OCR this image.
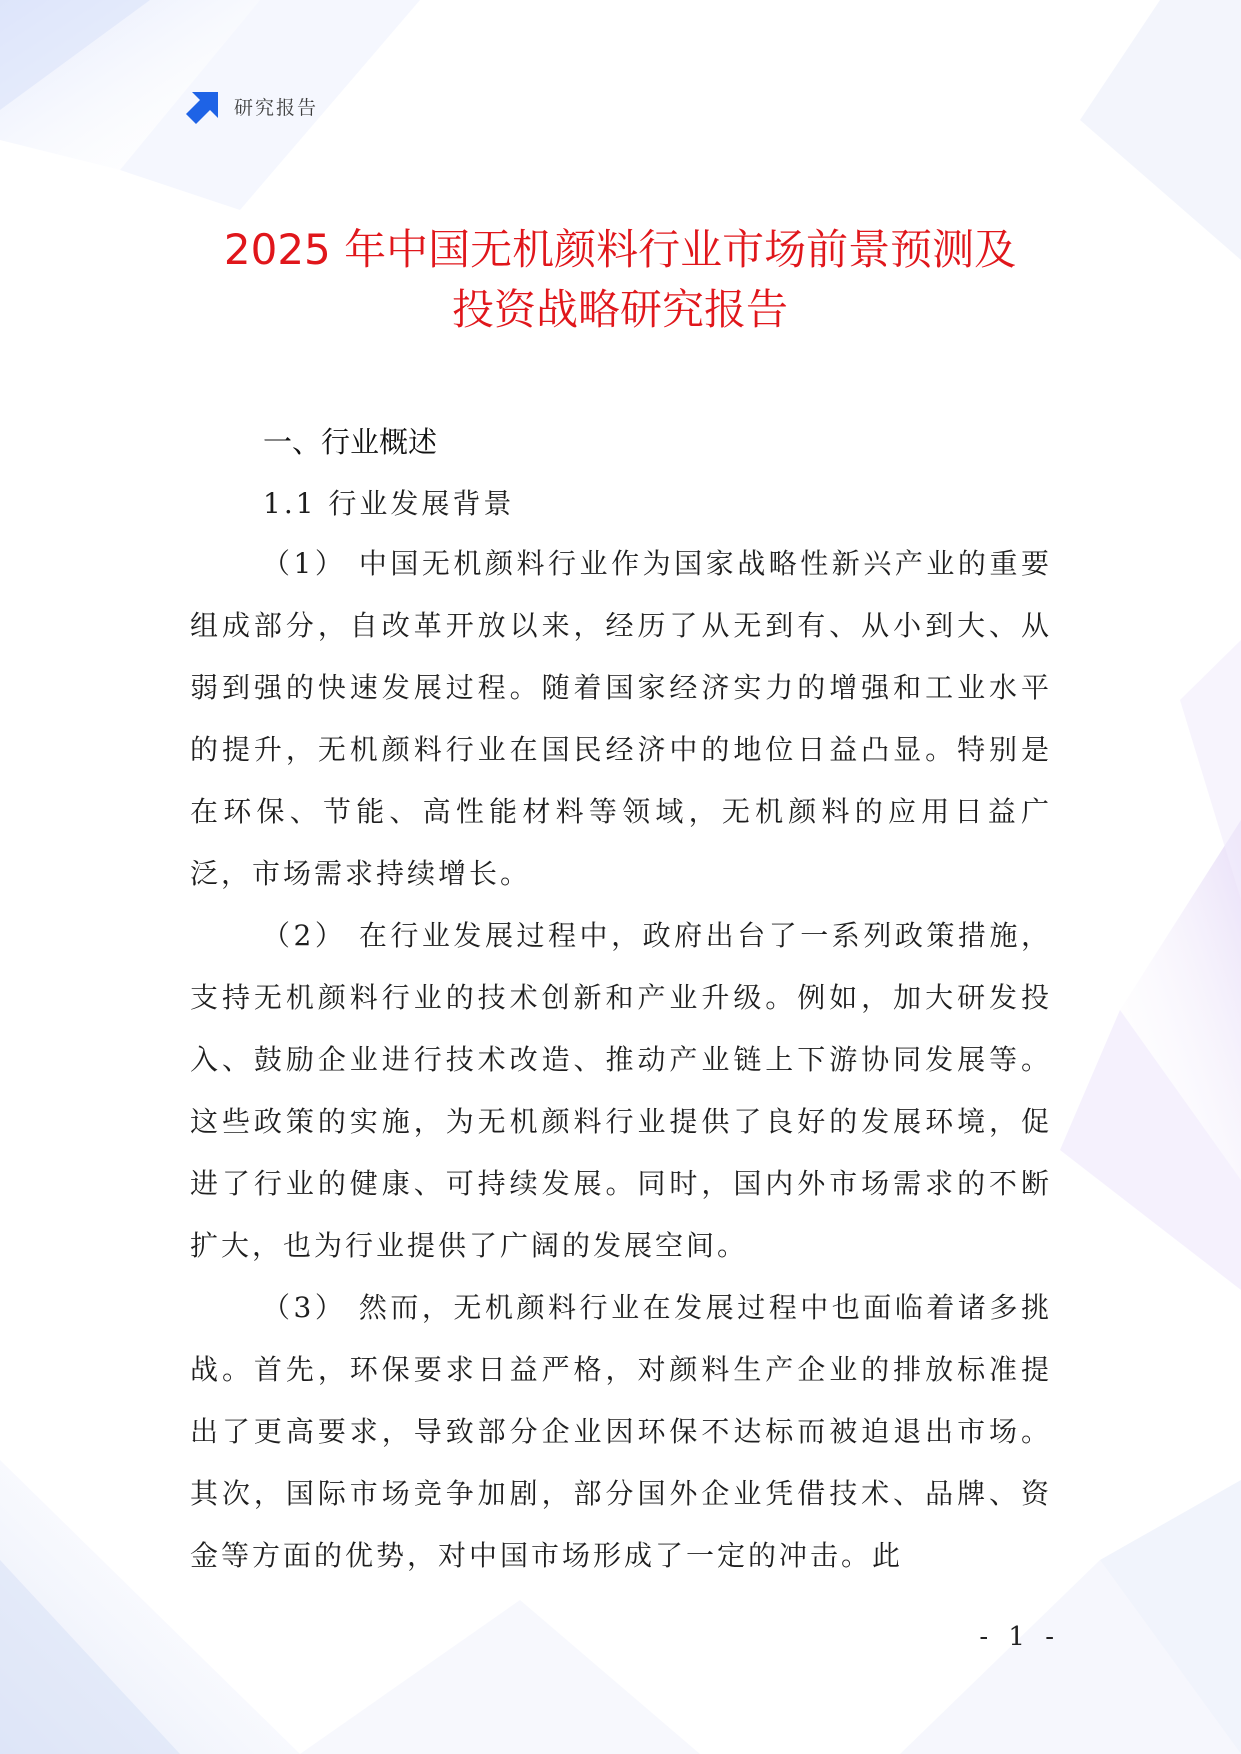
研究报告
2025 年中国无机颜料行业市场前景预测及
投资战略研究报告
一、行业概述
1.1 行业发展背景

（1） 中国无机颜料行业作为国家战略性新兴产业的重要组成部分，自改革开放以来，经历了从无到有、从小到大、从弱到强的快速发展过程。随着国家经济实力的增强和工业水平的提升，无机颜料行业在国民经济中的地位日益凸显。特别是在环保、节能、高性能材料等领域，无机颜料的应用日益广泛，市场需求持续增长。

（2） 在行业发展过程中，政府出台了一系列政策措施，支持无机颜料行业的技术创新和产业升级。例如，加大研发投入、鼓励企业进行技术改造、推动产业链上下游协同发展等。这些政策的实施，为无机颜料行业提供了良好的发展环境，促进了行业的健康、可持续发展。同时，国内外市场需求的不断扩大，也为行业提供了广阔的发展空间。

（3） 然而，无机颜料行业在发展过程中也面临着诸多挑战。首先，环保要求日益严格，对颜料生产企业的排放标准提出了更高要求，导致部分企业因环保不达标而被迫退出市场。其次，国际市场竞争加剧，部分国外企业凭借技术、品牌、资金等方面的优势，对中国市场形成了一定的冲击。此

- 1 -
